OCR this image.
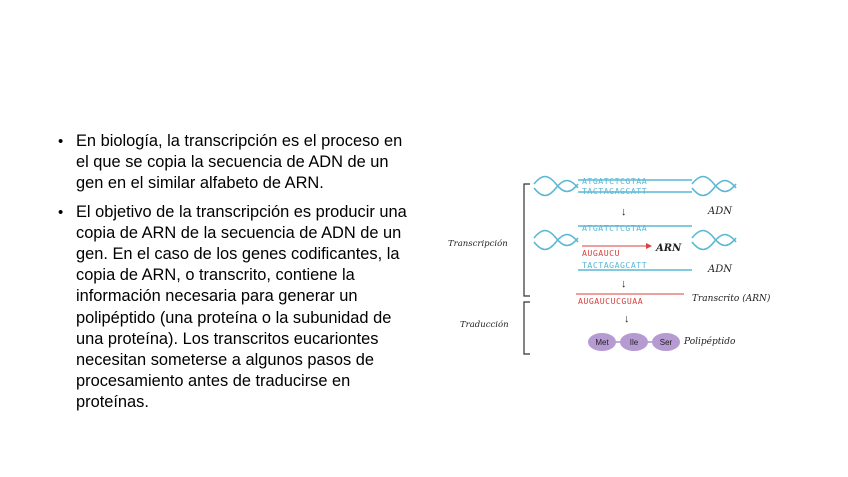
• En biología, la transcripción es el proceso en el que se copia la secuencia de ADN de un gen en el similar alfabeto de ARN.
• El objetivo de la transcripción es producir una copia de ARN de la secuencia de ADN de un gen. En el caso de los genes codificantes, la copia de ARN, o transcrito, contiene la información necesaria para generar un polipéptido (una proteína o la subunidad de una proteína). Los transcritos eucariontes necesitan someterse a algunos pasos de procesamiento antes de traducirse en proteínas.
ATGATCTCGTAA
TACTAGAGCATT
ADN
↓
ATGATCTCGTAA
AUGAUCU
TACTAGAGCATT
ARN
ADN
↓
AUGAUCUCGUAA	Transcrito (ARN)
↓
Met	Ile	Ser Polipéptido
Transcripción
Traducción
